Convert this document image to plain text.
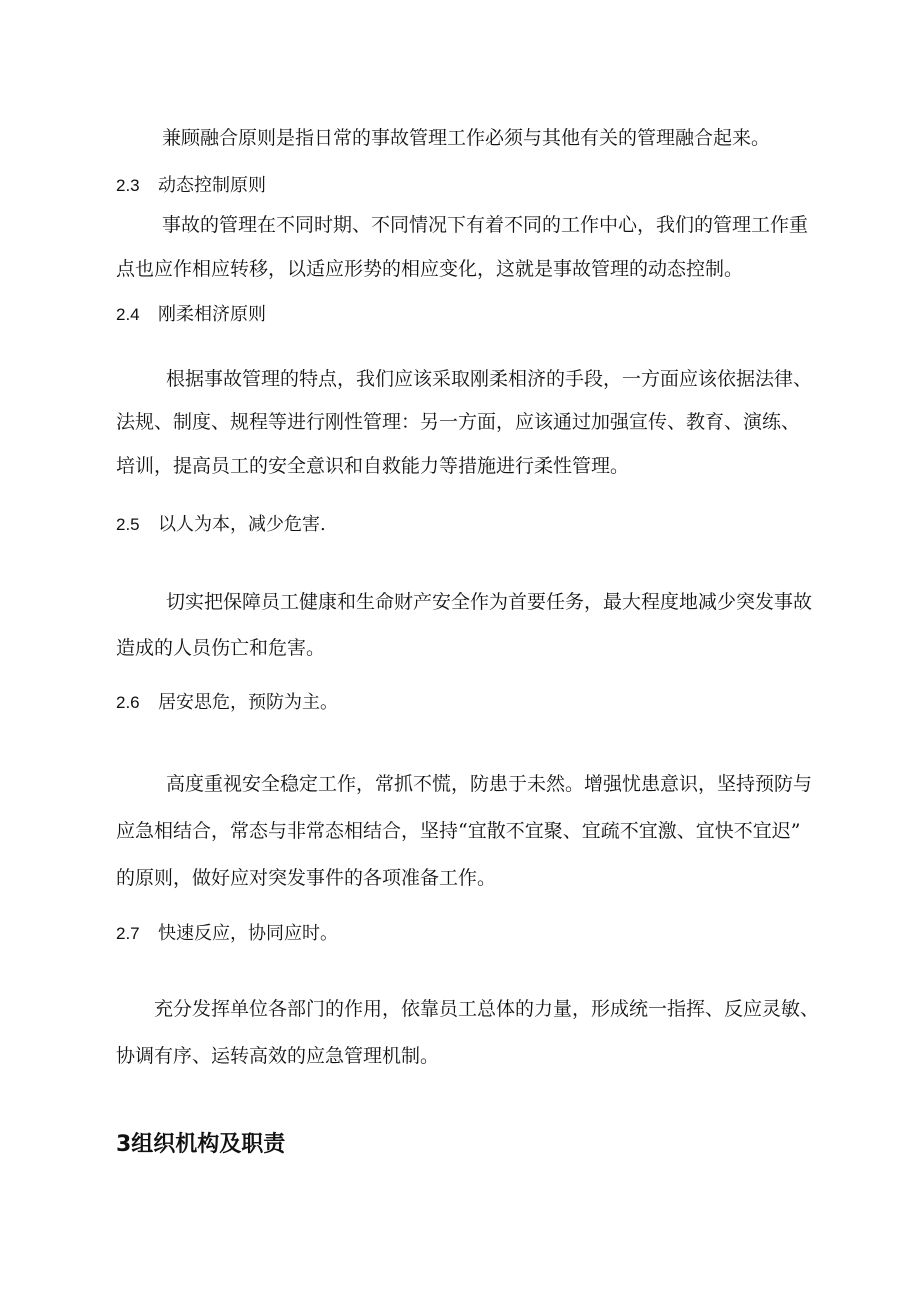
兼顾融合原则是指日常的事故管理工作必须与其他有关的管理融合起来。
2.3 动态控制原则
事故的管理在不同时期、不同情况下有着不同的工作中心，我们的管理工作重
点也应作相应转移，以适应形势的相应变化，这就是事故管理的动态控制。
2.4 刚柔相济原则
根据事故管理的特点，我们应该采取刚柔相济的手段，一方面应该依据法律、
法规、制度、规程等进行刚性管理：另一方面，应该通过加强宣传、教育、演练、
培训，提高员工的安全意识和自救能力等措施进行柔性管理。
2.5 以人为本，减少危害.
切实把保障员工健康和生命财产安全作为首要任务，最大程度地减少突发事故
造成的人员伤亡和危害。
2.6 居安思危，预防为主。
高度重视安全稳定工作，常抓不慌，防患于未然。增强忧患意识，坚持预防与
应急相结合，常态与非常态相结合，坚持“宜散不宜聚、宜疏不宜激、宜快不宜迟”
的原则，做好应对突发事件的各项准备工作。
2.7 快速反应，协同应时。
充分发挥单位各部门的作用，依靠员工总体的力量，形成统一指挥、反应灵敏、
协调有序、运转高效的应急管理机制。
3组织机构及职责
